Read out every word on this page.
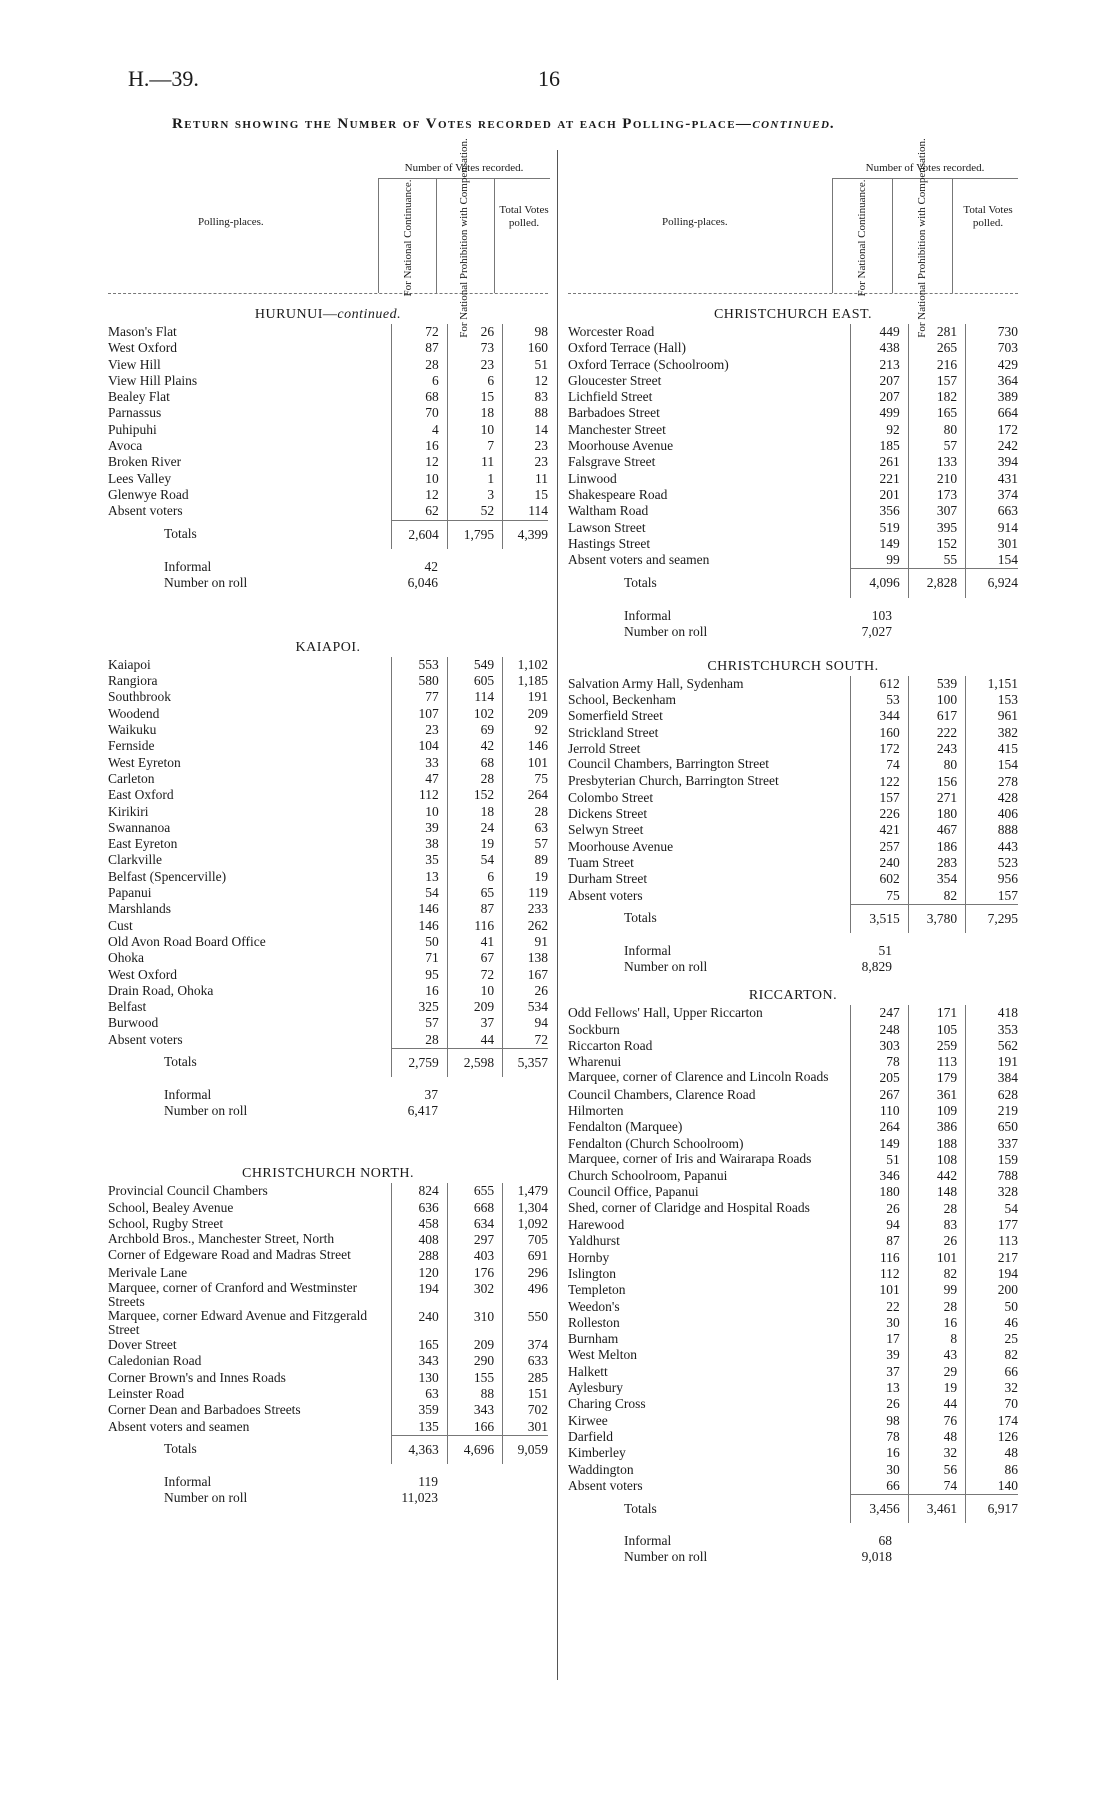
H.—39.	16
Return showing the Number of Votes recorded at each Polling-place—continued.
Polling-places.
Number of Votes recorded.
For National Continuance.	For National Prohibition with Compensation.	Total Votes polled.
HURUNUI—continued.
Mason's Flat	72	26	98
West Oxford	87	73	160
View Hill	28	23	51
View Hill Plains	6	6	12
Bealey Flat	68	15	83
Parnassus	70	18	88
Puhipuhi	4	10	14
Avoca	16	7	23
Broken River	12	11	23
Lees Valley	10	1	11
Glenwye Road	12	3	15
Absent voters	62	52	114
Totals	2,604	1,795	4,399
Informal	42
Number on roll	6,046
KAIAPOI.
Kaiapoi	553	549	1,102
Rangiora	580	605	1,185
Southbrook	77	114	191
Woodend	107	102	209
Waikuku	23	69	92
Fernside	104	42	146
West Eyreton	33	68	101
Carleton	47	28	75
East Oxford	112	152	264
Kirikiri	10	18	28
Swannanoa	39	24	63
East Eyreton	38	19	57
Clarkville	35	54	89
Belfast (Spencerville)	13	6	19
Papanui	54	65	119
Marshlands	146	87	233
Cust	146	116	262
Old Avon Road Board Office	50	41	91
Ohoka	71	67	138
West Oxford	95	72	167
Drain Road, Ohoka	16	10	26
Belfast	325	209	534
Burwood	57	37	94
Absent voters	28	44	72
Totals	2,759	2,598	5,357
Informal	37
Number on roll	6,417
CHRISTCHURCH NORTH.
Provincial Council Chambers	824	655	1,479
School, Bealey Avenue	636	668	1,304
School, Rugby Street	458	634	1,092
Archbold Bros., Manchester Street, North	408	297	705
Corner of Edgeware Road and Madras Street	288	403	691
Merivale Lane	120	176	296
Marquee, corner of Cranford and Westminster Streets	194	302	496
Marquee, corner Edward Avenue and Fitzgerald Street	240	310	550
Dover Street	165	209	374
Caledonian Road	343	290	633
Corner Brown's and Innes Roads	130	155	285
Leinster Road	63	88	151
Corner Dean and Barbadoes Streets	359	343	702
Absent voters and seamen	135	166	301
Totals	4,363	4,696	9,059
Informal	119
Number on roll	11,023
Polling-places.
Number of Votes recorded.
For National Continuance.	For National Prohibition with Compensation.	Total Votes polled.
CHRISTCHURCH EAST.
Worcester Road	449	281	730
Oxford Terrace (Hall)	438	265	703
Oxford Terrace (Schoolroom)	213	216	429
Gloucester Street	207	157	364
Lichfield Street	207	182	389
Barbadoes Street	499	165	664
Manchester Street	92	80	172
Moorhouse Avenue	185	57	242
Falsgrave Street	261	133	394
Linwood	221	210	431
Shakespeare Road	201	173	374
Waltham Road	356	307	663
Lawson Street	519	395	914
Hastings Street	149	152	301
Absent voters and seamen	99	55	154
Totals	4,096	2,828	6,924
Informal	103
Number on roll	7,027
CHRISTCHURCH SOUTH.
Salvation Army Hall, Sydenham	612	539	1,151
School, Beckenham	53	100	153
Somerfield Street	344	617	961
Strickland Street	160	222	382
Jerrold Street	172	243	415
Council Chambers, Barrington Street	74	80	154
Presbyterian Church, Barrington Street	122	156	278
Colombo Street	157	271	428
Dickens Street	226	180	406
Selwyn Street	421	467	888
Moorhouse Avenue	257	186	443
Tuam Street	240	283	523
Durham Street	602	354	956
Absent voters	75	82	157
Totals	3,515	3,780	7,295
Informal	51
Number on roll	8,829
RICCARTON.
Odd Fellows' Hall, Upper Riccarton	247	171	418
Sockburn	248	105	353
Riccarton Road	303	259	562
Wharenui	78	113	191
Marquee, corner of Clarence and Lincoln Roads	205	179	384
Council Chambers, Clarence Road	267	361	628
Hilmorten	110	109	219
Fendalton (Marquee)	264	386	650
Fendalton (Church Schoolroom)	149	188	337
Marquee, corner of Iris and Wairarapa Roads	51	108	159
Church Schoolroom, Papanui	346	442	788
Council Office, Papanui	180	148	328
Shed, corner of Claridge and Hospital Roads	26	28	54
Harewood	94	83	177
Yaldhurst	87	26	113
Hornby	116	101	217
Islington	112	82	194
Templeton	101	99	200
Weedon's	22	28	50
Rolleston	30	16	46
Burnham	17	8	25
West Melton	39	43	82
Halkett	37	29	66
Aylesbury	13	19	32
Charing Cross	26	44	70
Kirwee	98	76	174
Darfield	78	48	126
Kimberley	16	32	48
Waddington	30	56	86
Absent voters	66	74	140
Totals	3,456	3,461	6,917
Informal	68
Number on roll	9,018
